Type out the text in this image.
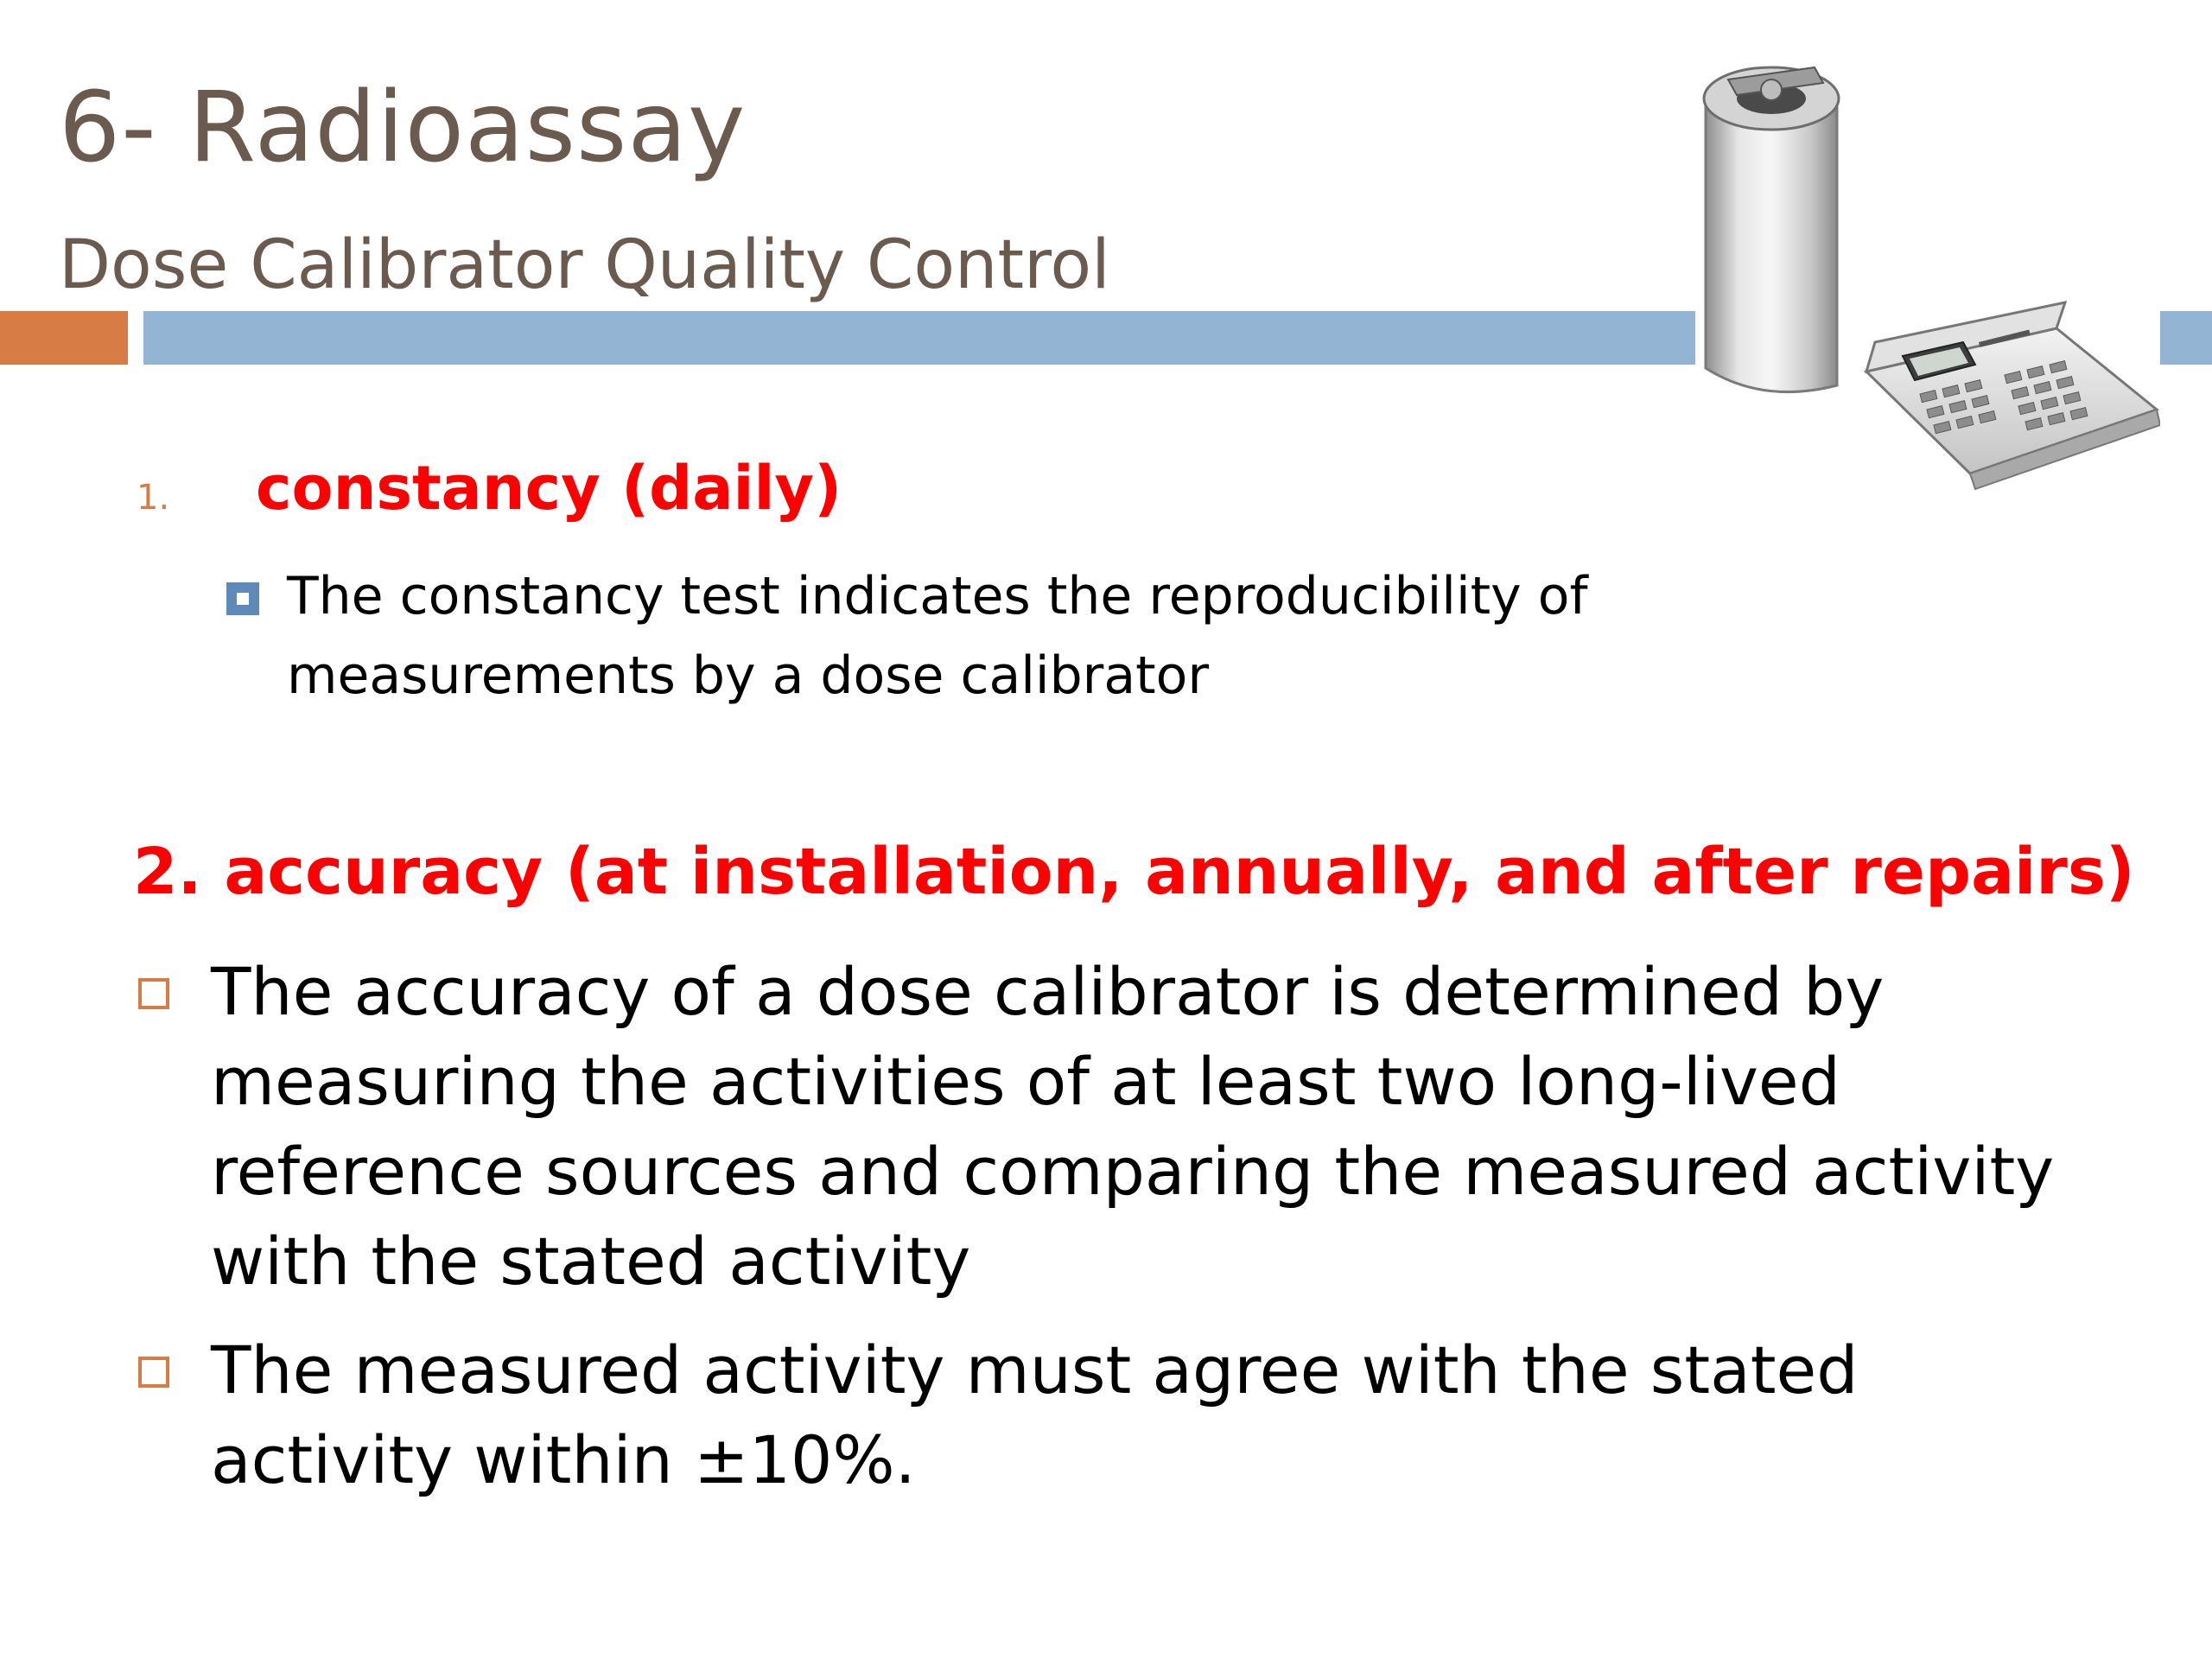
6- Radioassay
Dose Calibrator Quality Control
1. constancy (daily)
The constancy test indicates the reproducibility of measurements by a dose calibrator
2. accuracy (at installation, annually, and after repairs)
The accuracy of a dose calibrator is determined by measuring the activities of at least two long-lived reference sources and comparing the measured activity with the stated activity
The measured activity must agree with the stated activity within ±10%.
